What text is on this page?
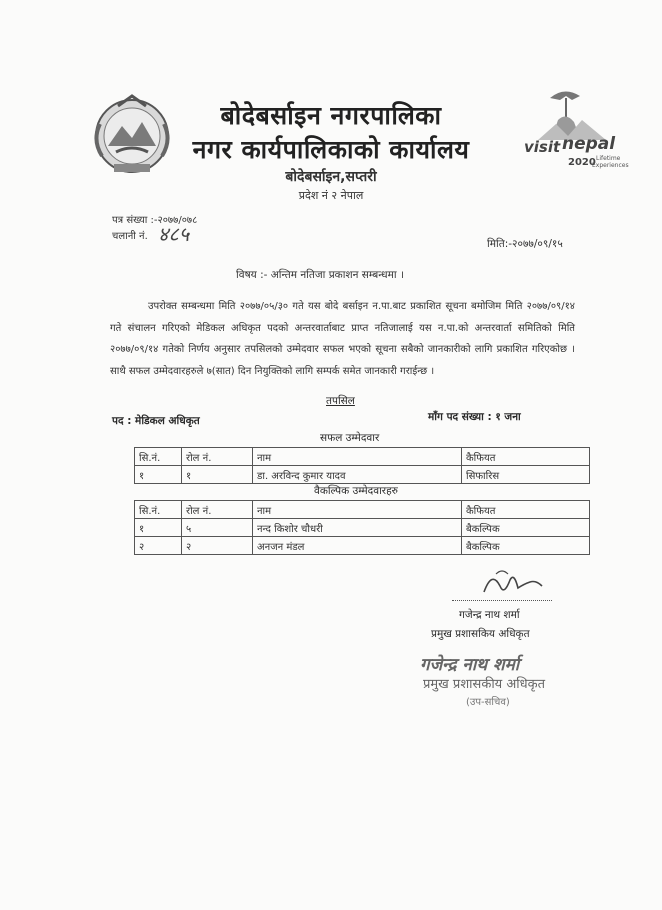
बोदेबर्साइन नगरपालिका
नगर कार्यपालिकाको कार्यालय
बोदेबर्साइन,सप्तरी
प्रदेश नं २ नेपाल
visit nepal
2020 Lifetime
Experiences
पत्र संख्या :-२०७७/०७८
चलानी नं. ४८५	मिति:-२०७७/०९/१५
विषय :- अन्तिम नतिजा प्रकाशन सम्बन्धमा ।
उपरोक्त सम्बन्धमा मिति २०७७/०५/३० गते यस बोदे बर्साइन न.पा.बाट प्रकाशित सूचना बमोजिम मिति २०७७/०९/१४ गते संचालन गरिएको मेडिकल अधिकृत पदको अन्तरवार्ताबाट प्राप्त नतिजालाई यस न.पा.को अन्तरवार्ता समितिको मिति २०७७/०९/१४ गतेको निर्णय अनुसार तपसिलको उम्मेदवार सफल भएको सूचना सबैको जानकारीको लागि प्रकाशित गरिएकोछ । साथै सफल उम्मेदवारहरुले ७(सात) दिन नियुक्तिको लागि सम्पर्क समेत जानकारी गराईन्छ ।
तपसिल
पद : मेडिकल अधिकृत	माँग पद संख्या : १ जना
सफल उम्मेदवार
सि.नं.	रोल नं.	नाम	कैफियत
१	१	डा. अरविन्द कुमार यादव	सिफारिस
वैकल्पिक उम्मेदवारहरु
सि.नं.	रोल नं.	नाम	कैफियत
१	५	नन्द किशोर चौधरी	बैकल्पिक
२	२	अनजन मंडल	बैकल्पिक
गजेन्द्र नाथ शर्मा
प्रमुख प्रशासकिय अधिकृत
गजेन्द्र नाथ शर्मा
प्रमुख प्रशासकीय अधिकृत
(उप-सचिव)
